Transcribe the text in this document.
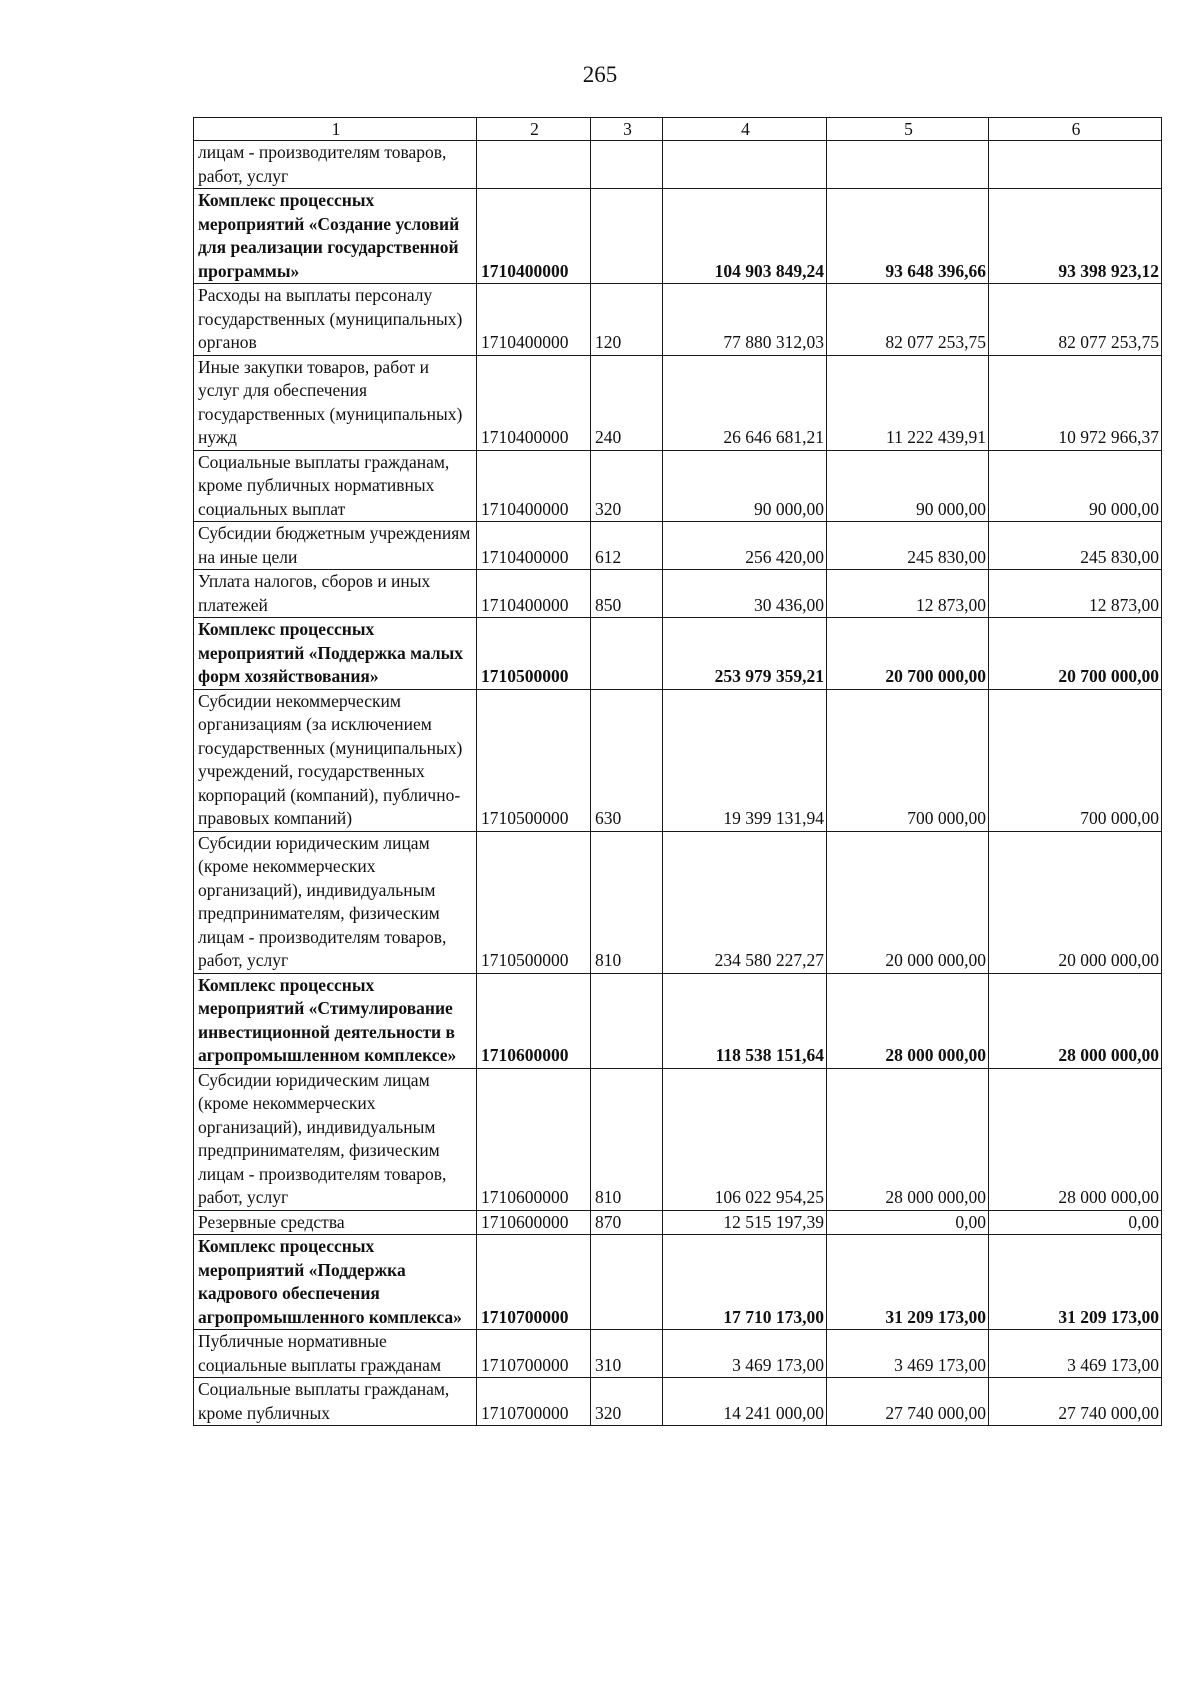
265
1	2	3	4	5	6
лицам - производителям товаров, работ, услуг					
Комплекс процессных мероприятий «Создание условий для реализации государственной программы»	1710400000		104 903 849,24	93 648 396,66	93 398 923,12
Расходы на выплаты персоналу государственных (муниципальных) органов	1710400000	120	77 880 312,03	82 077 253,75	82 077 253,75
Иные закупки товаров, работ и услуг для обеспечения государственных (муниципальных) нужд	1710400000	240	26 646 681,21	11 222 439,91	10 972 966,37
Социальные выплаты гражданам, кроме публичных нормативных социальных выплат	1710400000	320	90 000,00	90 000,00	90 000,00
Субсидии бюджетным учреждениям на иные цели	1710400000	612	256 420,00	245 830,00	245 830,00
Уплата налогов, сборов и иных платежей	1710400000	850	30 436,00	12 873,00	12 873,00
Комплекс процессных мероприятий «Поддержка малых форм хозяйствования»	1710500000		253 979 359,21	20 700 000,00	20 700 000,00
Субсидии некоммерческим организациям (за исключением государственных (муниципальных) учреждений, государственных корпораций (компаний), публично-правовых компаний)	1710500000	630	19 399 131,94	700 000,00	700 000,00
Субсидии юридическим лицам (кроме некоммерческих организаций), индивидуальным предпринимателям, физическим лицам - производителям товаров, работ, услуг	1710500000	810	234 580 227,27	20 000 000,00	20 000 000,00
Комплекс процессных мероприятий «Стимулирование инвестиционной деятельности в агропромышленном комплексе»	1710600000		118 538 151,64	28 000 000,00	28 000 000,00
Субсидии юридическим лицам (кроме некоммерческих организаций), индивидуальным предпринимателям, физическим лицам - производителям товаров, работ, услуг	1710600000	810	106 022 954,25	28 000 000,00	28 000 000,00
Резервные средства	1710600000	870	12 515 197,39	0,00	0,00
Комплекс процессных мероприятий «Поддержка кадрового обеспечения агропромышленного комплекса»	1710700000		17 710 173,00	31 209 173,00	31 209 173,00
Публичные нормативные социальные выплаты гражданам	1710700000	310	3 469 173,00	3 469 173,00	3 469 173,00
Социальные выплаты гражданам, кроме публичных	1710700000	320	14 241 000,00	27 740 000,00	27 740 000,00
